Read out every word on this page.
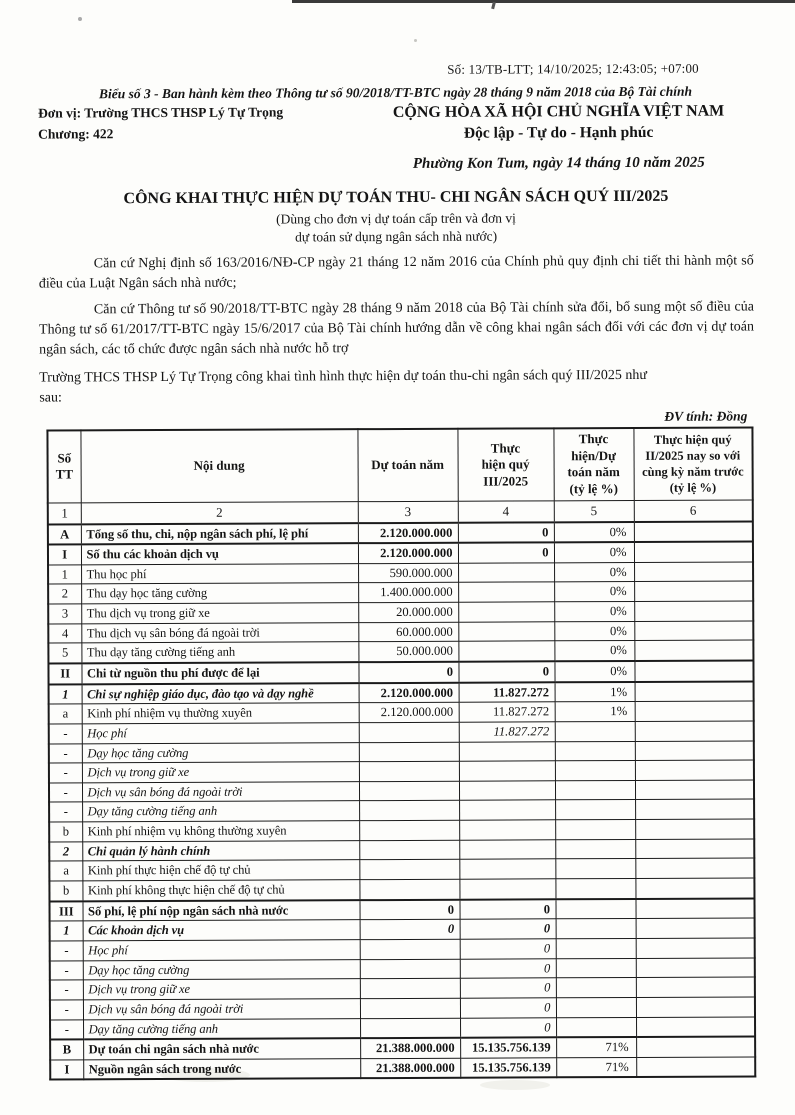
Số: 13/TB-LTT; 14/10/2025; 12:43:05; +07:00
Biểu số 3 - Ban hành kèm theo Thông tư số 90/2018/TT-BTC ngày 28 tháng 9 năm 2018 của Bộ Tài chính
Đơn vị: Trường THCS THSP Lý Tự Trọng
Chương: 422
CỘNG HÒA XÃ HỘI CHỦ NGHĨA VIỆT NAM
Độc lập - Tự do - Hạnh phúc
Phường Kon Tum, ngày 14 tháng 10 năm 2025
CÔNG KHAI THỰC HIỆN DỰ TOÁN THU- CHI NGÂN SÁCH QUÝ III/2025
(Dùng cho đơn vị dự toán cấp trên và đơn vị
dự toán sử dụng ngân sách nhà nước)

Căn cứ Nghị định số 163/2016/NĐ-CP ngày 21 tháng 12 năm 2016 của Chính phủ quy định chi tiết thi hành một số điều của Luật Ngân sách nhà nước;

Căn cứ Thông tư số 90/2018/TT-BTC ngày 28 tháng 9 năm 2018 của Bộ Tài chính sửa đổi, bổ sung một số điều của Thông tư số 61/2017/TT-BTC ngày 15/6/2017 của Bộ Tài chính hướng dẫn về công khai ngân sách đối với các đơn vị dự toán ngân sách, các tổ chức được ngân sách nhà nước hỗ trợ

Trường THCS THSP Lý Tự Trọng công khai tình hình thực hiện dự toán thu-chi ngân sách quý III/2025 như
sau:

ĐV tính: Đồng
Số
TT	Nội dung	Dự toán năm	Thực
hiện quý
III/2025	Thực
hiện/Dự
toán năm
(tỷ lệ %)	Thực hiện quý
II/2025 nay so với
cùng kỳ năm trước
(tỷ lệ %)
1	2	3	4	5	6
A	Tổng số thu, chi, nộp ngân sách phí, lệ phí	2.120.000.000	0	0%	
I	Số thu các khoản dịch vụ	2.120.000.000	0	0%	
1	Thu học phí	590.000.000		0%	
2	Thu dạy học tăng cường	1.400.000.000		0%	
3	Thu dịch vụ trong giữ xe	20.000.000		0%	
4	Thu dịch vụ sân bóng đá ngoài trời	60.000.000		0%	
5	Thu dạy tăng cường tiếng anh	50.000.000		0%	
II	Chi từ nguồn thu phí được để lại	0	0	0%	
1	Chi sự nghiệp giáo dục, đào tạo và dạy nghề	2.120.000.000	11.827.272	1%	
a	Kinh phí nhiệm vụ thường xuyên	2.120.000.000	11.827.272	1%	
-	Học phí		11.827.272		
-	Dạy học tăng cường				
-	Dịch vụ trong giữ xe				
-	Dịch vụ sân bóng đá ngoài trời				
-	Dạy tăng cường tiếng anh				
b	Kinh phí nhiệm vụ không thường xuyên				
2	Chi quản lý hành chính				
a	Kinh phí thực hiện chế độ tự chủ				
b	Kinh phí không thực hiện chế độ tự chủ				
III	Số phí, lệ phí nộp ngân sách nhà nước	0	0		
1	Các khoản dịch vụ	0	0		
-	Học phí		0		
-	Dạy học tăng cường		0		
-	Dịch vụ trong giữ xe		0		
-	Dịch vụ sân bóng đá ngoài trời		0		
-	Dạy tăng cường tiếng anh		0		
B	Dự toán chi ngân sách nhà nước	21.388.000.000	15.135.756.139	71%	
I	Nguồn ngân sách trong nước	21.388.000.000	15.135.756.139	71%	
